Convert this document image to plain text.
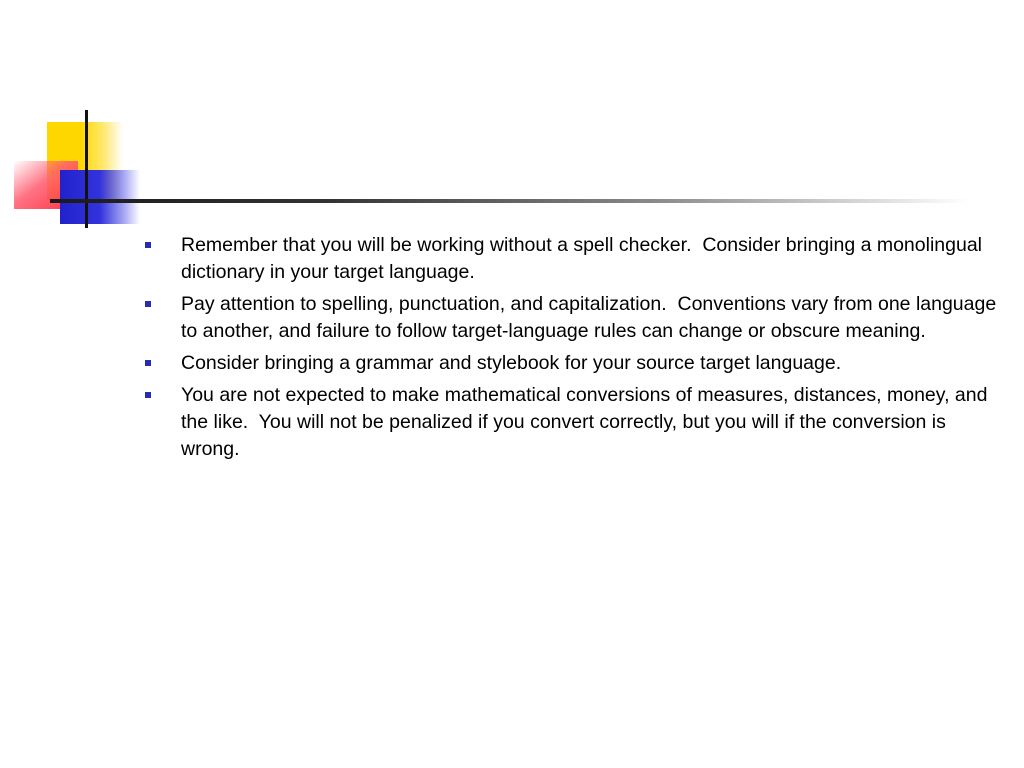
Remember that you will be working without a spell checker.  Consider bringing a monolingual dictionary in your target language.
Pay attention to spelling, punctuation, and capitalization.  Conventions vary from one language to another, and failure to follow target-language rules can change or obscure meaning.
Consider bringing a grammar and stylebook for your source target language.
You are not expected to make mathematical conversions of measures, distances, money, and the like.  You will not be penalized if you convert correctly, but you will if the conversion is wrong.
